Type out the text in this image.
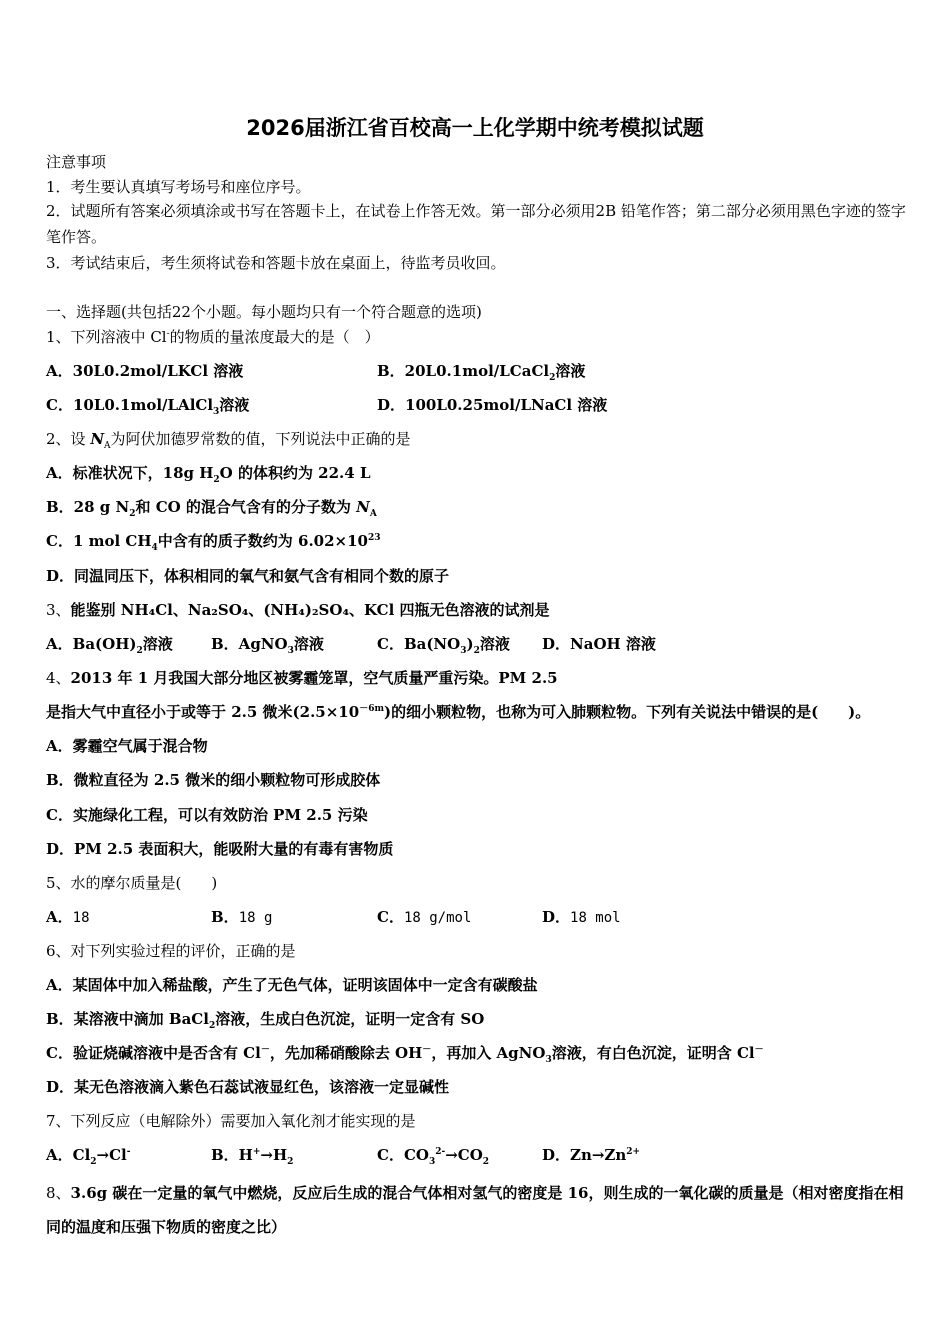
2026届浙江省百校高一上化学期中统考模拟试题
注意事项
1．考生要认真填写考场号和座位序号。
2．试题所有答案必须填涂或书写在答题卡上，在试卷上作答无效。第一部分必须用2B 铅笔作答；第二部分必须用黑色字迹的签字笔作答。
3．考试结束后，考生须将试卷和答题卡放在桌面上，待监考员收回。
一、选择题(共包括22个小题。每小题均只有一个符合题意的选项)
1、下列溶液中 Cl-的物质的量浓度最大的是（　）
A．30L0.2mol/LKCl 溶液	B．20L0.1mol/LCaCl$_2$溶液
C．10L0.1mol/LAlCl$_3$溶液	D．100L0.25mol/LNaCl 溶液
2、设 $N_A$为阿伏加德罗常数的值，下列说法中正确的是
A．标准状况下，18g $H_2O$ 的体积约为 22.4 L
B．28 g $N_2$和 CO 的混合气含有的分子数为 $N_A$
C．1 mol $CH_4$中含有的质子数约为 $6.02\times 10^{23}$
D．同温同压下，体积相同的氧气和氨气含有相同个数的原子
3、能鉴别 NH₄Cl、Na₂SO₄、(NH₄)₂SO₄、KCl 四瓶无色溶液的试剂是
A．$Ba(OH)_2$溶液	B．AgNO$_3$溶液	C．$Ba(NO_3)_2$溶液 D．NaOH 溶液
4、2013 年 1 月我国大部分地区被雾霾笼罩，空气质量严重污染。PM 2.5
是指大气中直径小于或等于 2.5 微米$(2.5\times 10^{-6m})$的细小颗粒物，也称为可入肺颗粒物。下列有关说法中错误的是(　　)。
A．雾霾空气属于混合物
B．微粒直径为 2.5 微米的细小颗粒物可形成胶体
C．实施绿化工程，可以有效防治 PM 2.5 污染
D．PM 2.5 表面积大，能吸附大量的有毒有害物质
5、水的摩尔质量是(　　)
A．18	B．18 g	C．18 g/mol	D．18 mol
6、对下列实验过程的评价，正确的是
A．某固体中加入稀盐酸，产生了无色气体，证明该固体中一定含有碳酸盐
B．某溶液中滴加 BaCl$_2$溶液，生成白色沉淀，证明一定含有 SO
C．验证烧碱溶液中是否含有 Cl－，先加稀硝酸除去 OH－，再加入 AgNO$_3$溶液，有白色沉淀，证明含 Cl－
D．某无色溶液滴入紫色石蕊试液显红色，该溶液一定显碱性
7、下列反应（电解除外）需要加入氧化剂才能实现的是
A．$Cl_2\to Cl^-$	B．$H^+\to H_2$	C．$CO_3^{2-}\to CO_2$	D．$Zn\to Zn^{2+}$
8、3.6g 碳在一定量的氧气中燃烧，反应后生成的混合气体相对氢气的密度是 16，则生成的一氧化碳的质量是（相对密度指在相同的温度和压强下物质的密度之比）
